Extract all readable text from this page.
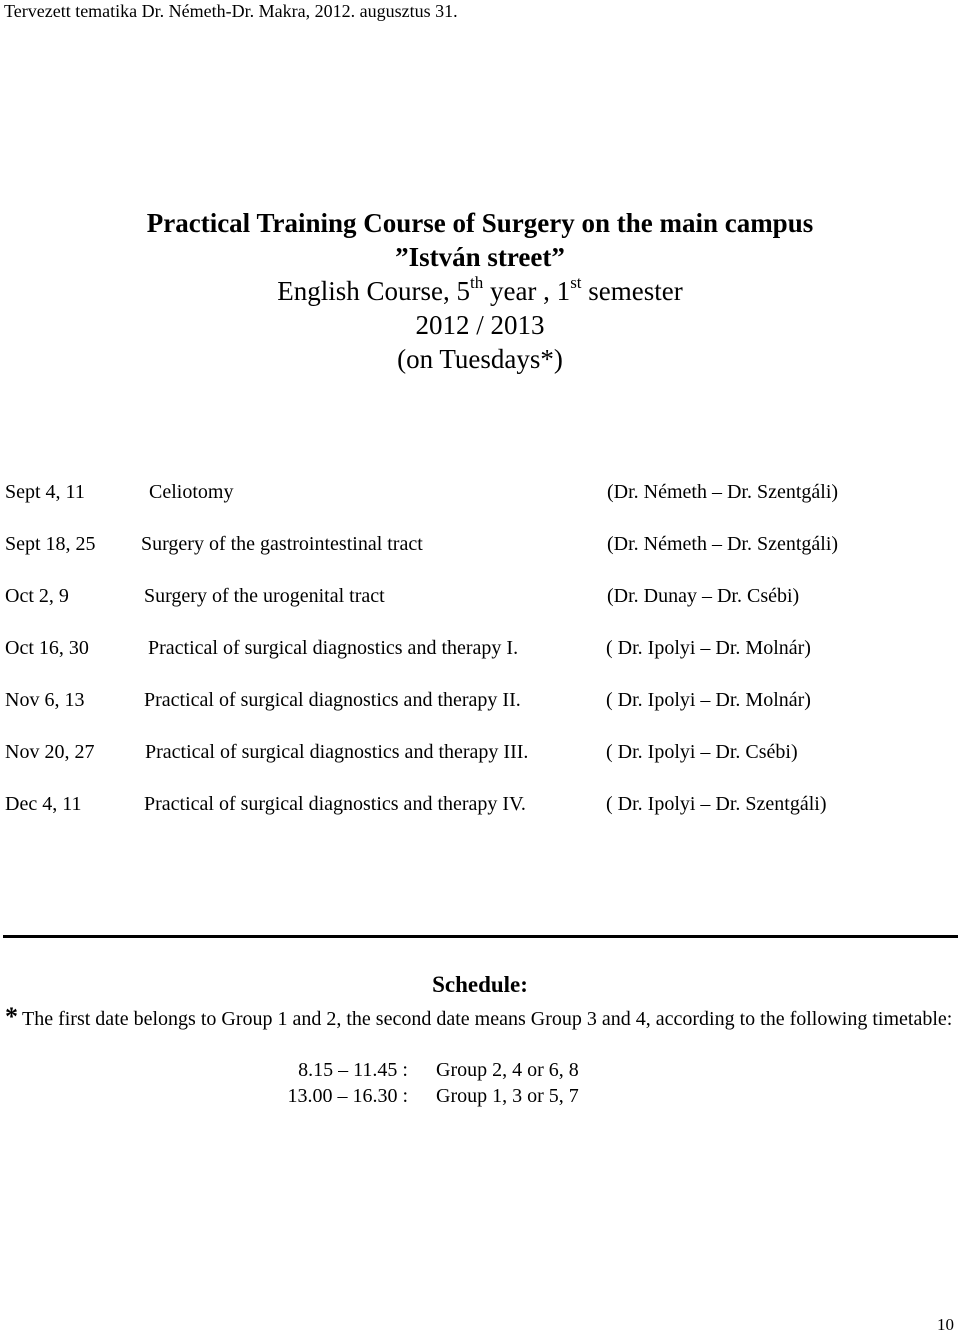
Tervezett tematika Dr. Németh-Dr. Makra, 2012. augusztus 31.
Practical Training Course of Surgery on the main campus
”István street”
English Course, 5th year , 1st semester
2012 / 2013
(on Tuesdays*)
Sept 4, 11	Celiotomy	(Dr. Németh – Dr. Szentgáli)
Sept 18, 25 Surgery of the gastrointestinal tract	(Dr. Németh – Dr. Szentgáli)
Oct 2, 9	Surgery of the urogenital tract	(Dr. Dunay – Dr. Csébi)
Oct 16, 30	Practical of surgical diagnostics and therapy I.	( Dr. Ipolyi – Dr. Molnár)
Nov 6, 13	Practical of surgical diagnostics and therapy II.	( Dr. Ipolyi – Dr. Molnár)
Nov 20, 27	Practical of surgical diagnostics and therapy III.	( Dr. Ipolyi – Dr. Csébi)
Dec 4, 11	Practical of surgical diagnostics and therapy IV.	( Dr. Ipolyi – Dr. Szentgáli)
Schedule:
* The first date belongs to Group 1 and 2, the second date means Group 3 and 4, according to the following timetable:
8.15 – 11.45 : Group 2, 4 or 6, 8
13.00 – 16.30 : Group 1, 3 or 5, 7
10
